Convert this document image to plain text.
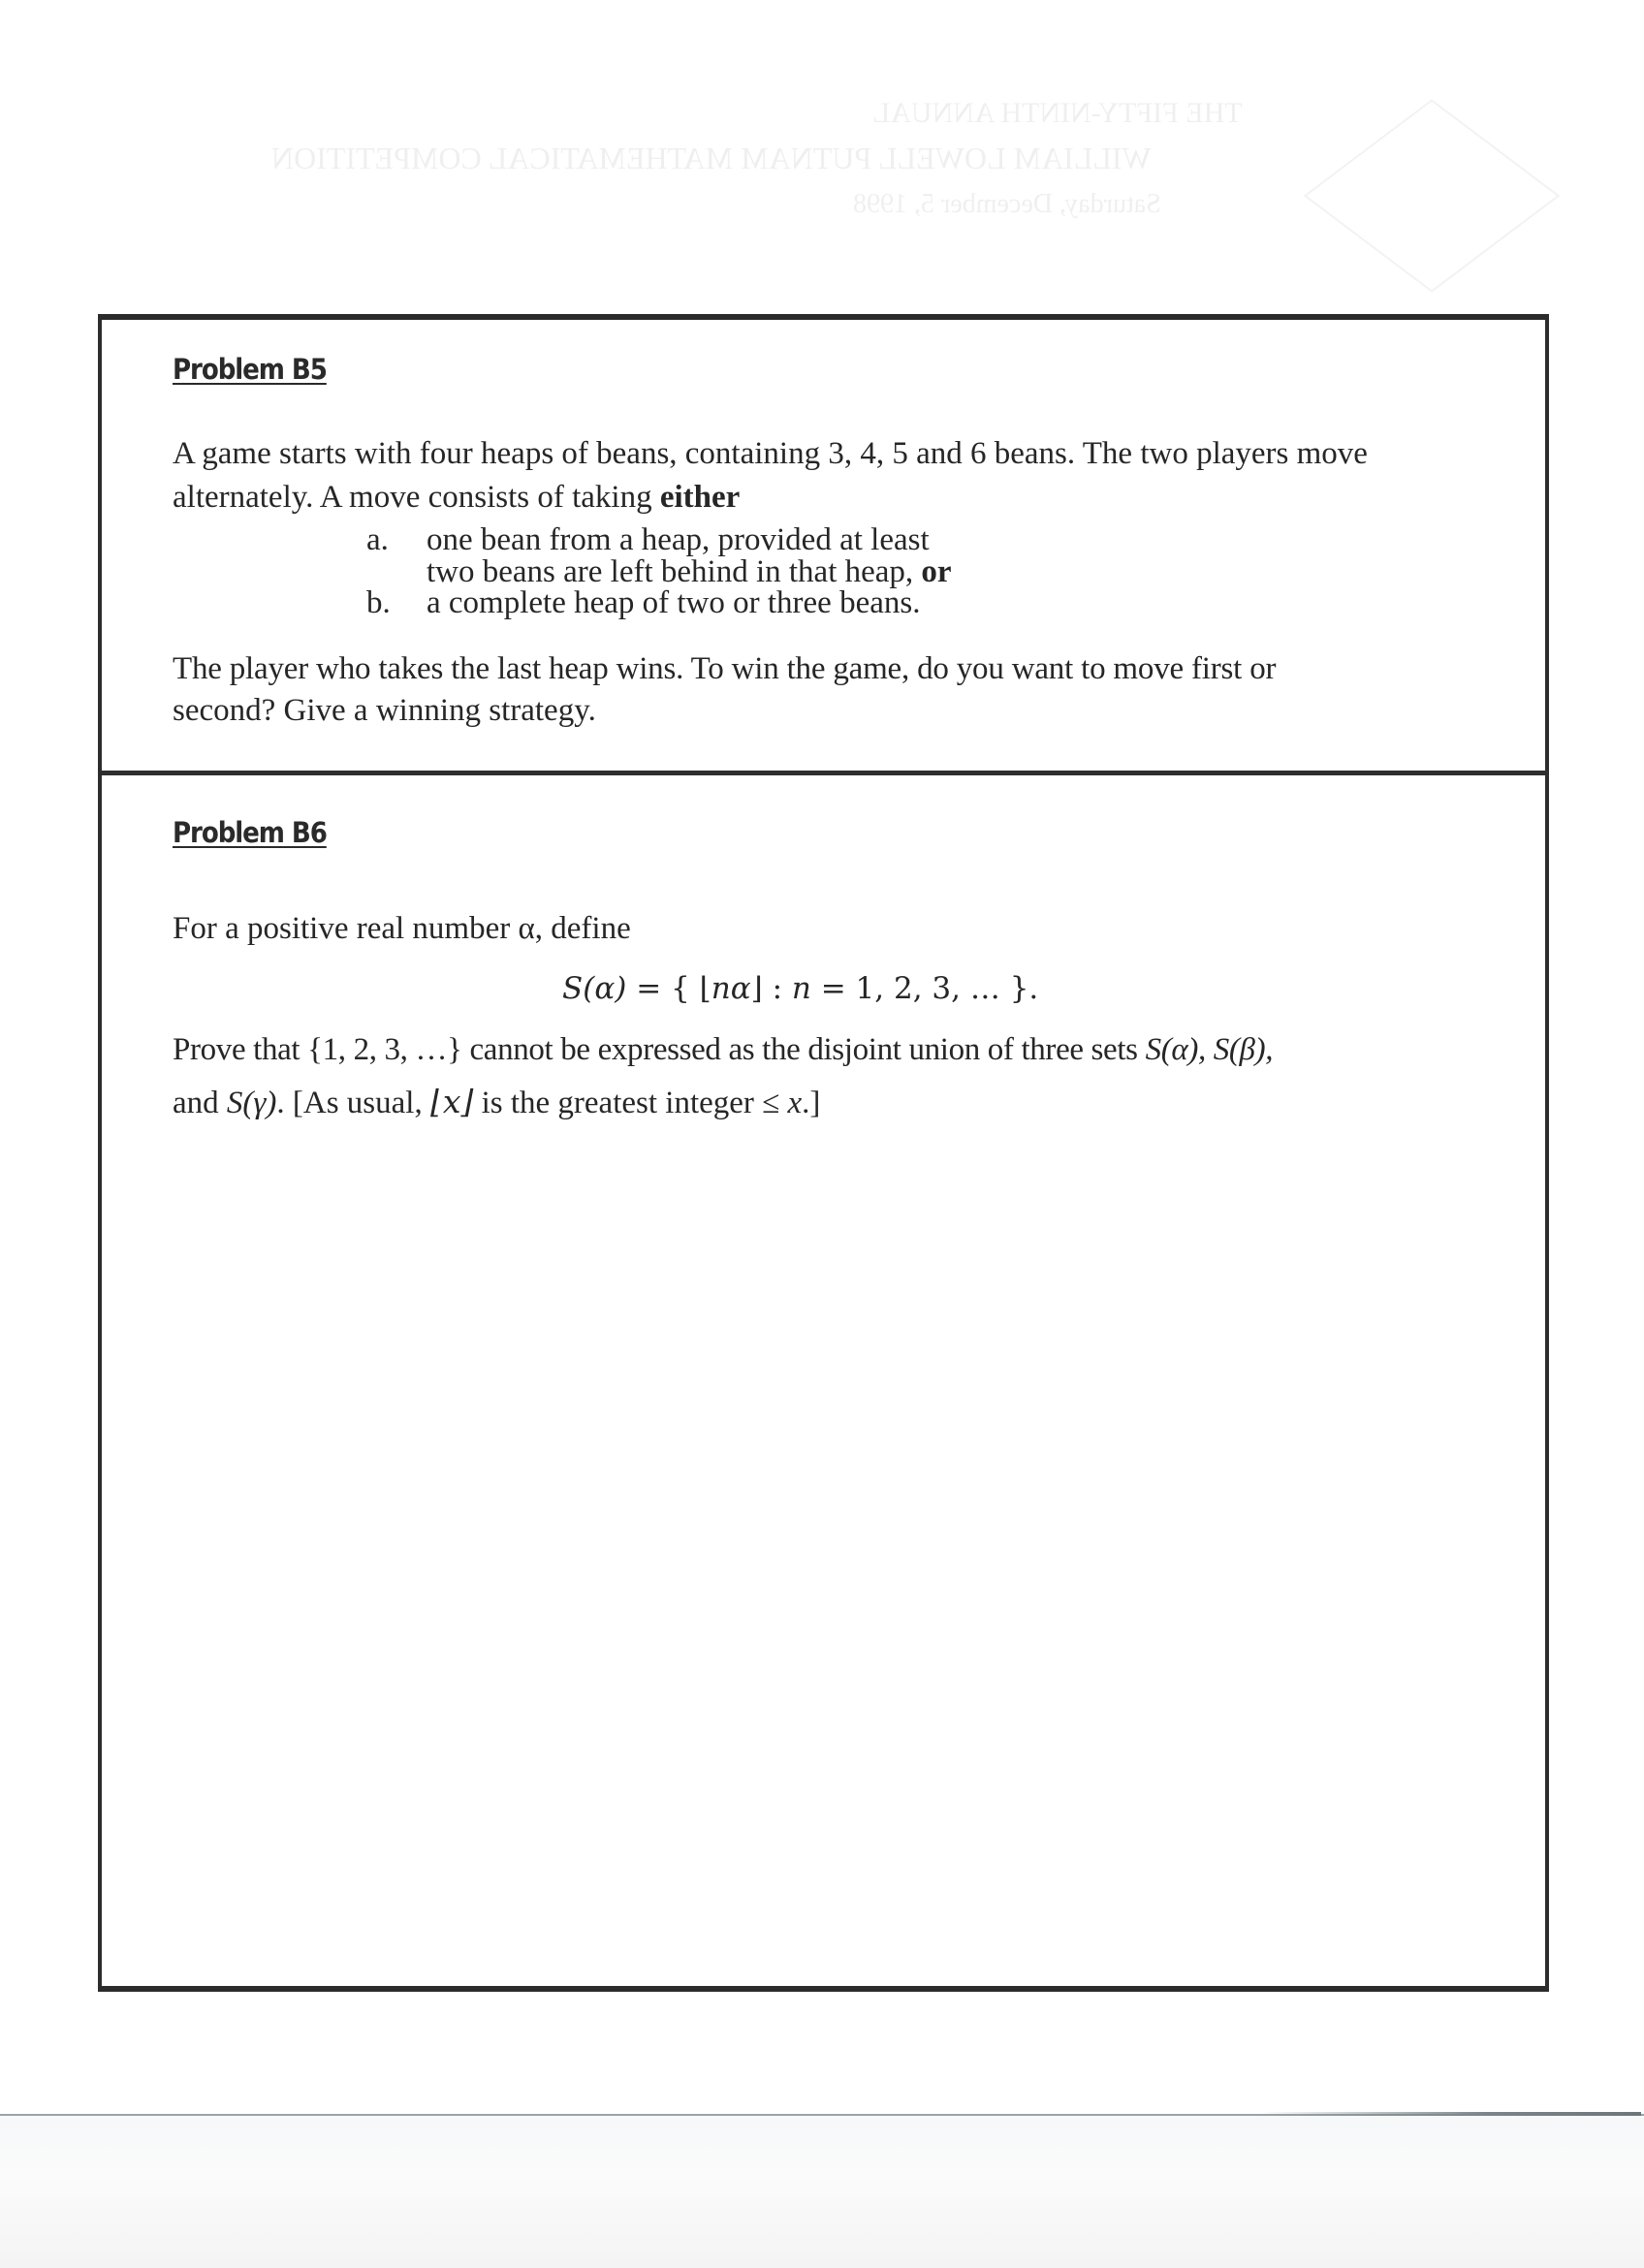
THE FIFTY-NINTH ANNUAL
WILLIAM LOWELL PUTNAM MATHEMATICAL COMPETITION
Saturday, December 5, 1998
Problem B5
A game starts with four heaps of beans, containing 3, 4, 5 and 6 beans. The two players move
alternately. A move consists of taking either
a. one bean from a heap, provided at least
two beans are left behind in that heap, or
b. a complete heap of two or three beans.
The player who takes the last heap wins. To win the game, do you want to move first or
second? Give a winning strategy.
Problem B6
For a positive real number α, define
S(α) = { ⌊nα⌋ : n = 1, 2, 3, … }.
Prove that {1, 2, 3, …} cannot be expressed as the disjoint union of three sets S(α), S(β),
and S(γ). [As usual, ⌊x⌋ is the greatest integer ≤ x.]
